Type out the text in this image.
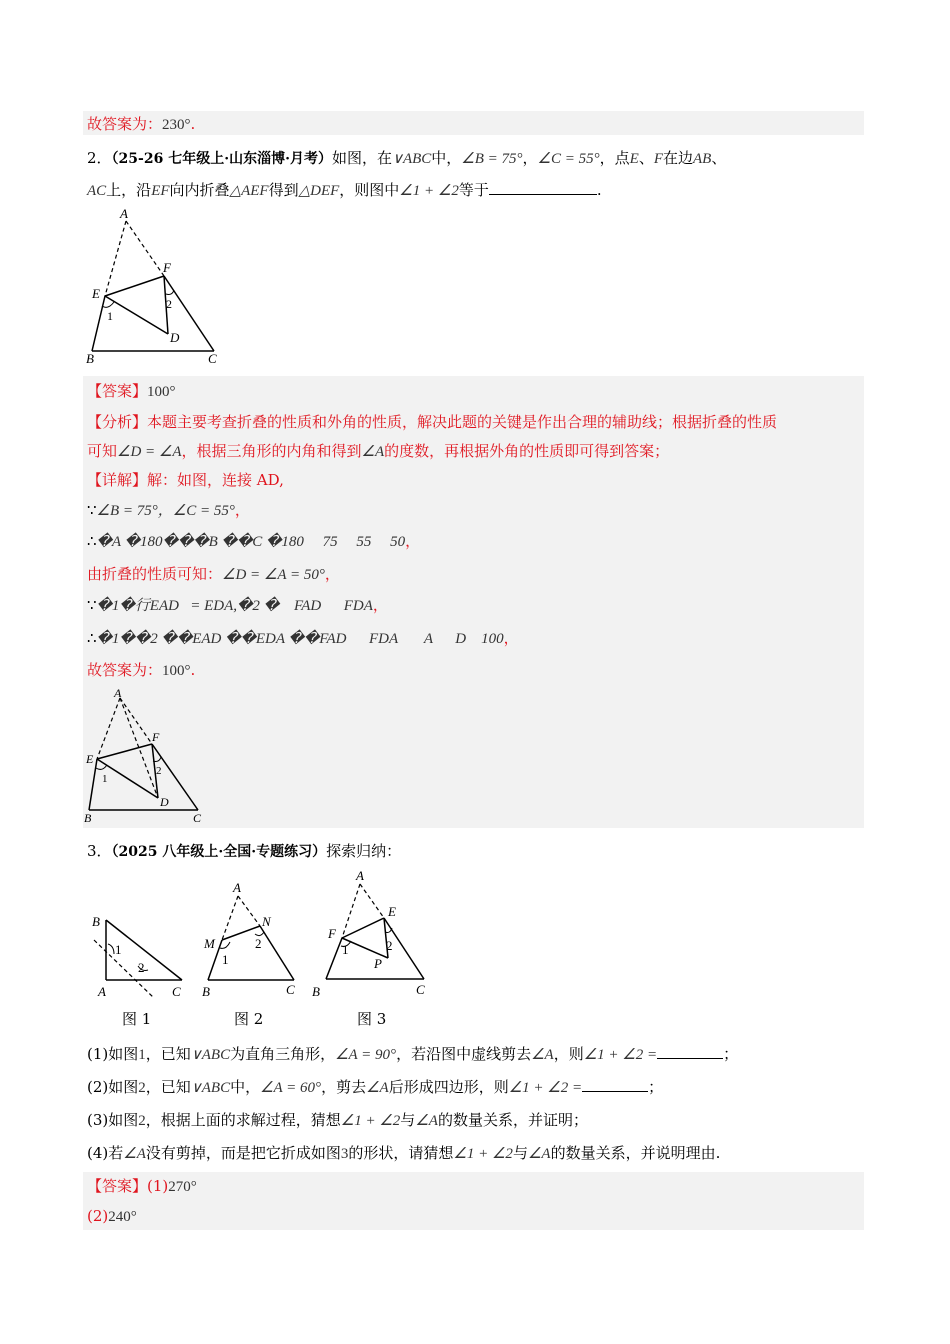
故答案为：230°.
2．（25-26 七年级上·山东淄博·月考）如图，在∨ABC中，∠B = 75°，∠C = 55°，点E、F在边AB、
AC上，沿EF向内折叠△AEF得到△DEF，则图中∠1 + ∠2等于	.
A
E
F
1
2
D
B	C
【答案】100°
【分析】本题主要考查折叠的性质和外角的性质，解决此题的关键是作出合理的辅助线；根据折叠的性质
可知∠D = ∠A，根据三角形的内角和得到∠A的度数，再根据外角的性质即可得到答案；
【详解】解：如图，连接 AD,
∵∠B = 75°，∠C = 55°，
∴�A �180���B ��C �180     75     55     50，
由折叠的性质可知：∠D = ∠A = 50°，
∵�1�行EAD   = EDA,�2 �    FAD      FDA，
∴�1��2 ��EAD ��EDA ��FAD      FDA       A      D    100，
故答案为：100°.
A
E
F
1
2
D
B	C
3．（2025 八年级上·全国·专题练习）探索归纳：
B
1
2
A	C
A
N
M	2
1
B	C
A
E
F
2
1
P
B	C
图 1	图 2	图 3
(1)如图1，已知∨ABC为直角三角形，∠A = 90°，若沿图中虚线剪去∠A，则∠1 + ∠2 =	；
(2)如图2，已知∨ABC中，∠A = 60°，剪去∠A后形成四边形，则∠1 + ∠2 =	；
(3)如图2，根据上面的求解过程，猜想∠1 + ∠2与∠A的数量关系，并证明；
(4)若∠A没有剪掉，而是把它折成如图3的形状，请猜想∠1 + ∠2与∠A的数量关系，并说明理由.
【答案】(1)270°
(2)240°
